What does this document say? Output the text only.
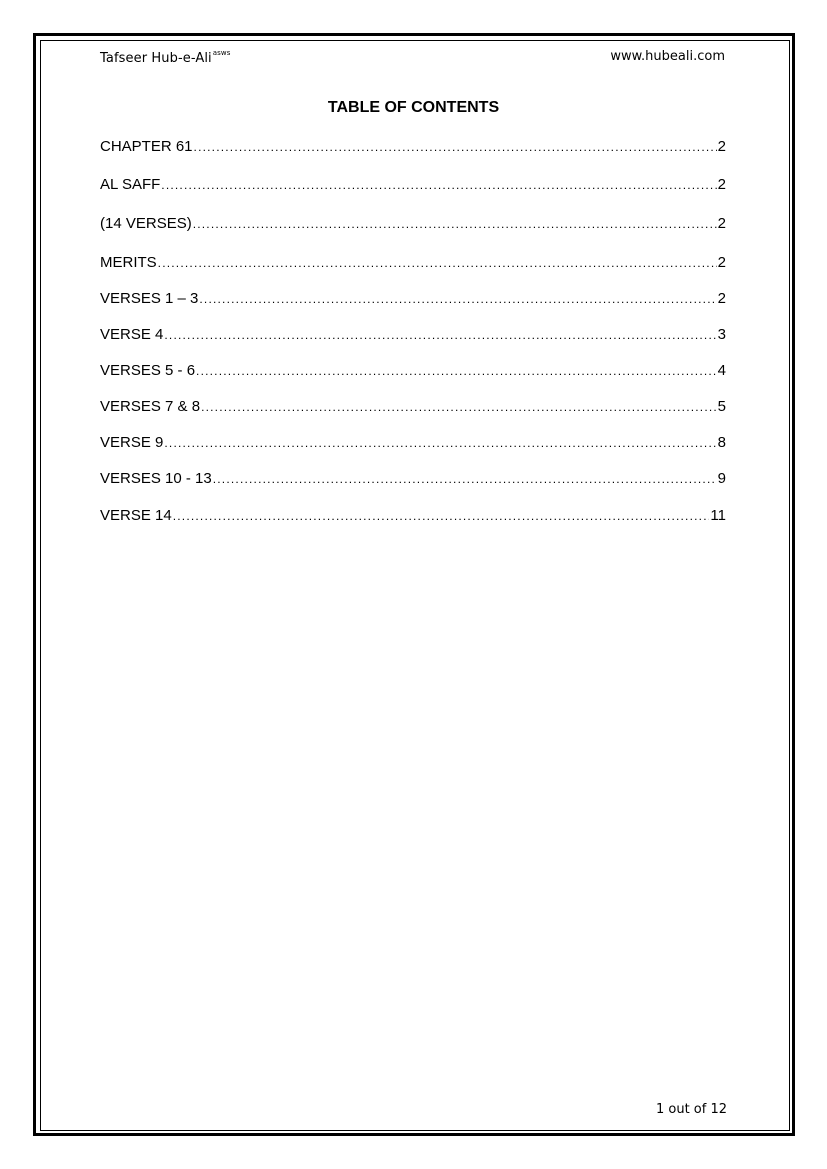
Tafseer Hub-e-Ali$^{asws}$	www.hubeali.com
TABLE OF CONTENTS
CHAPTER 61 .....	2
AL SAFF .....	2
(14 VERSES) .....	2
MERITS .....	2
VERSES 1 – 3 .....	2
VERSE 4 .....	3
VERSES 5 - 6 .....	4
VERSES 7 & 8 .....	5
VERSE 9 .....	8
VERSES 10 - 13 .....	9
VERSE 14 .....	11
1 out of 12
